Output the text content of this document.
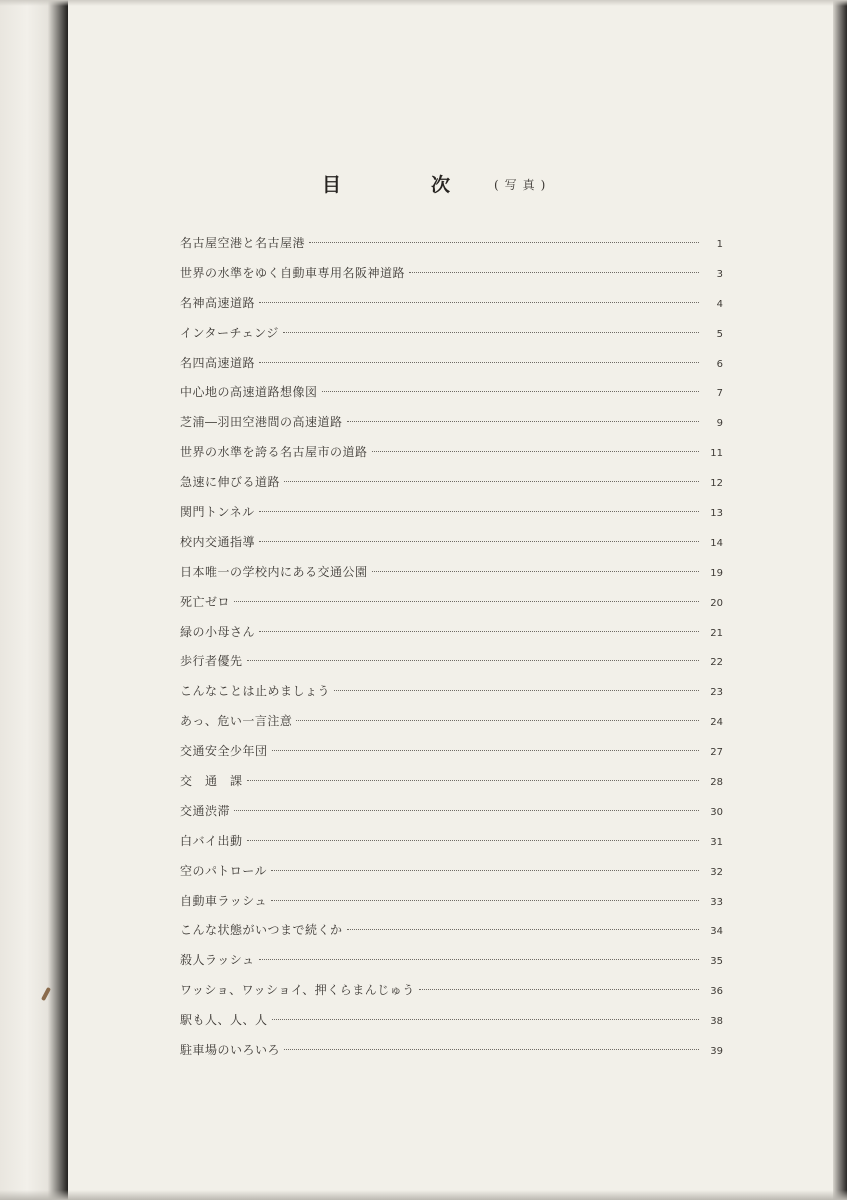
目	次	(写真)
名古屋空港と名古屋港	1
世界の水準をゆく自動車専用名阪神道路	3
名神高速道路	4
インターチェンジ	5
名四高速道路	6
中心地の高速道路想像図	7
芝浦―羽田空港間の高速道路	9
世界の水準を誇る名古屋市の道路	11
急速に伸びる道路	12
関門トンネル	13
校内交通指導	14
日本唯一の学校内にある交通公園	19
死亡ゼロ	20
緑の小母さん	21
歩行者優先	22
こんなことは止めましょう	23
あっ、危い一言注意	24
交通安全少年団	27
交　通　課	28
交通渋滞	30
白バイ出動	31
空のパトロール	32
自動車ラッシュ	33
こんな状態がいつまで続くか	34
殺人ラッシュ	35
ワッショ、ワッショイ、押くらまんじゅう	36
駅も人、人、人	38
駐車場のいろいろ	39
